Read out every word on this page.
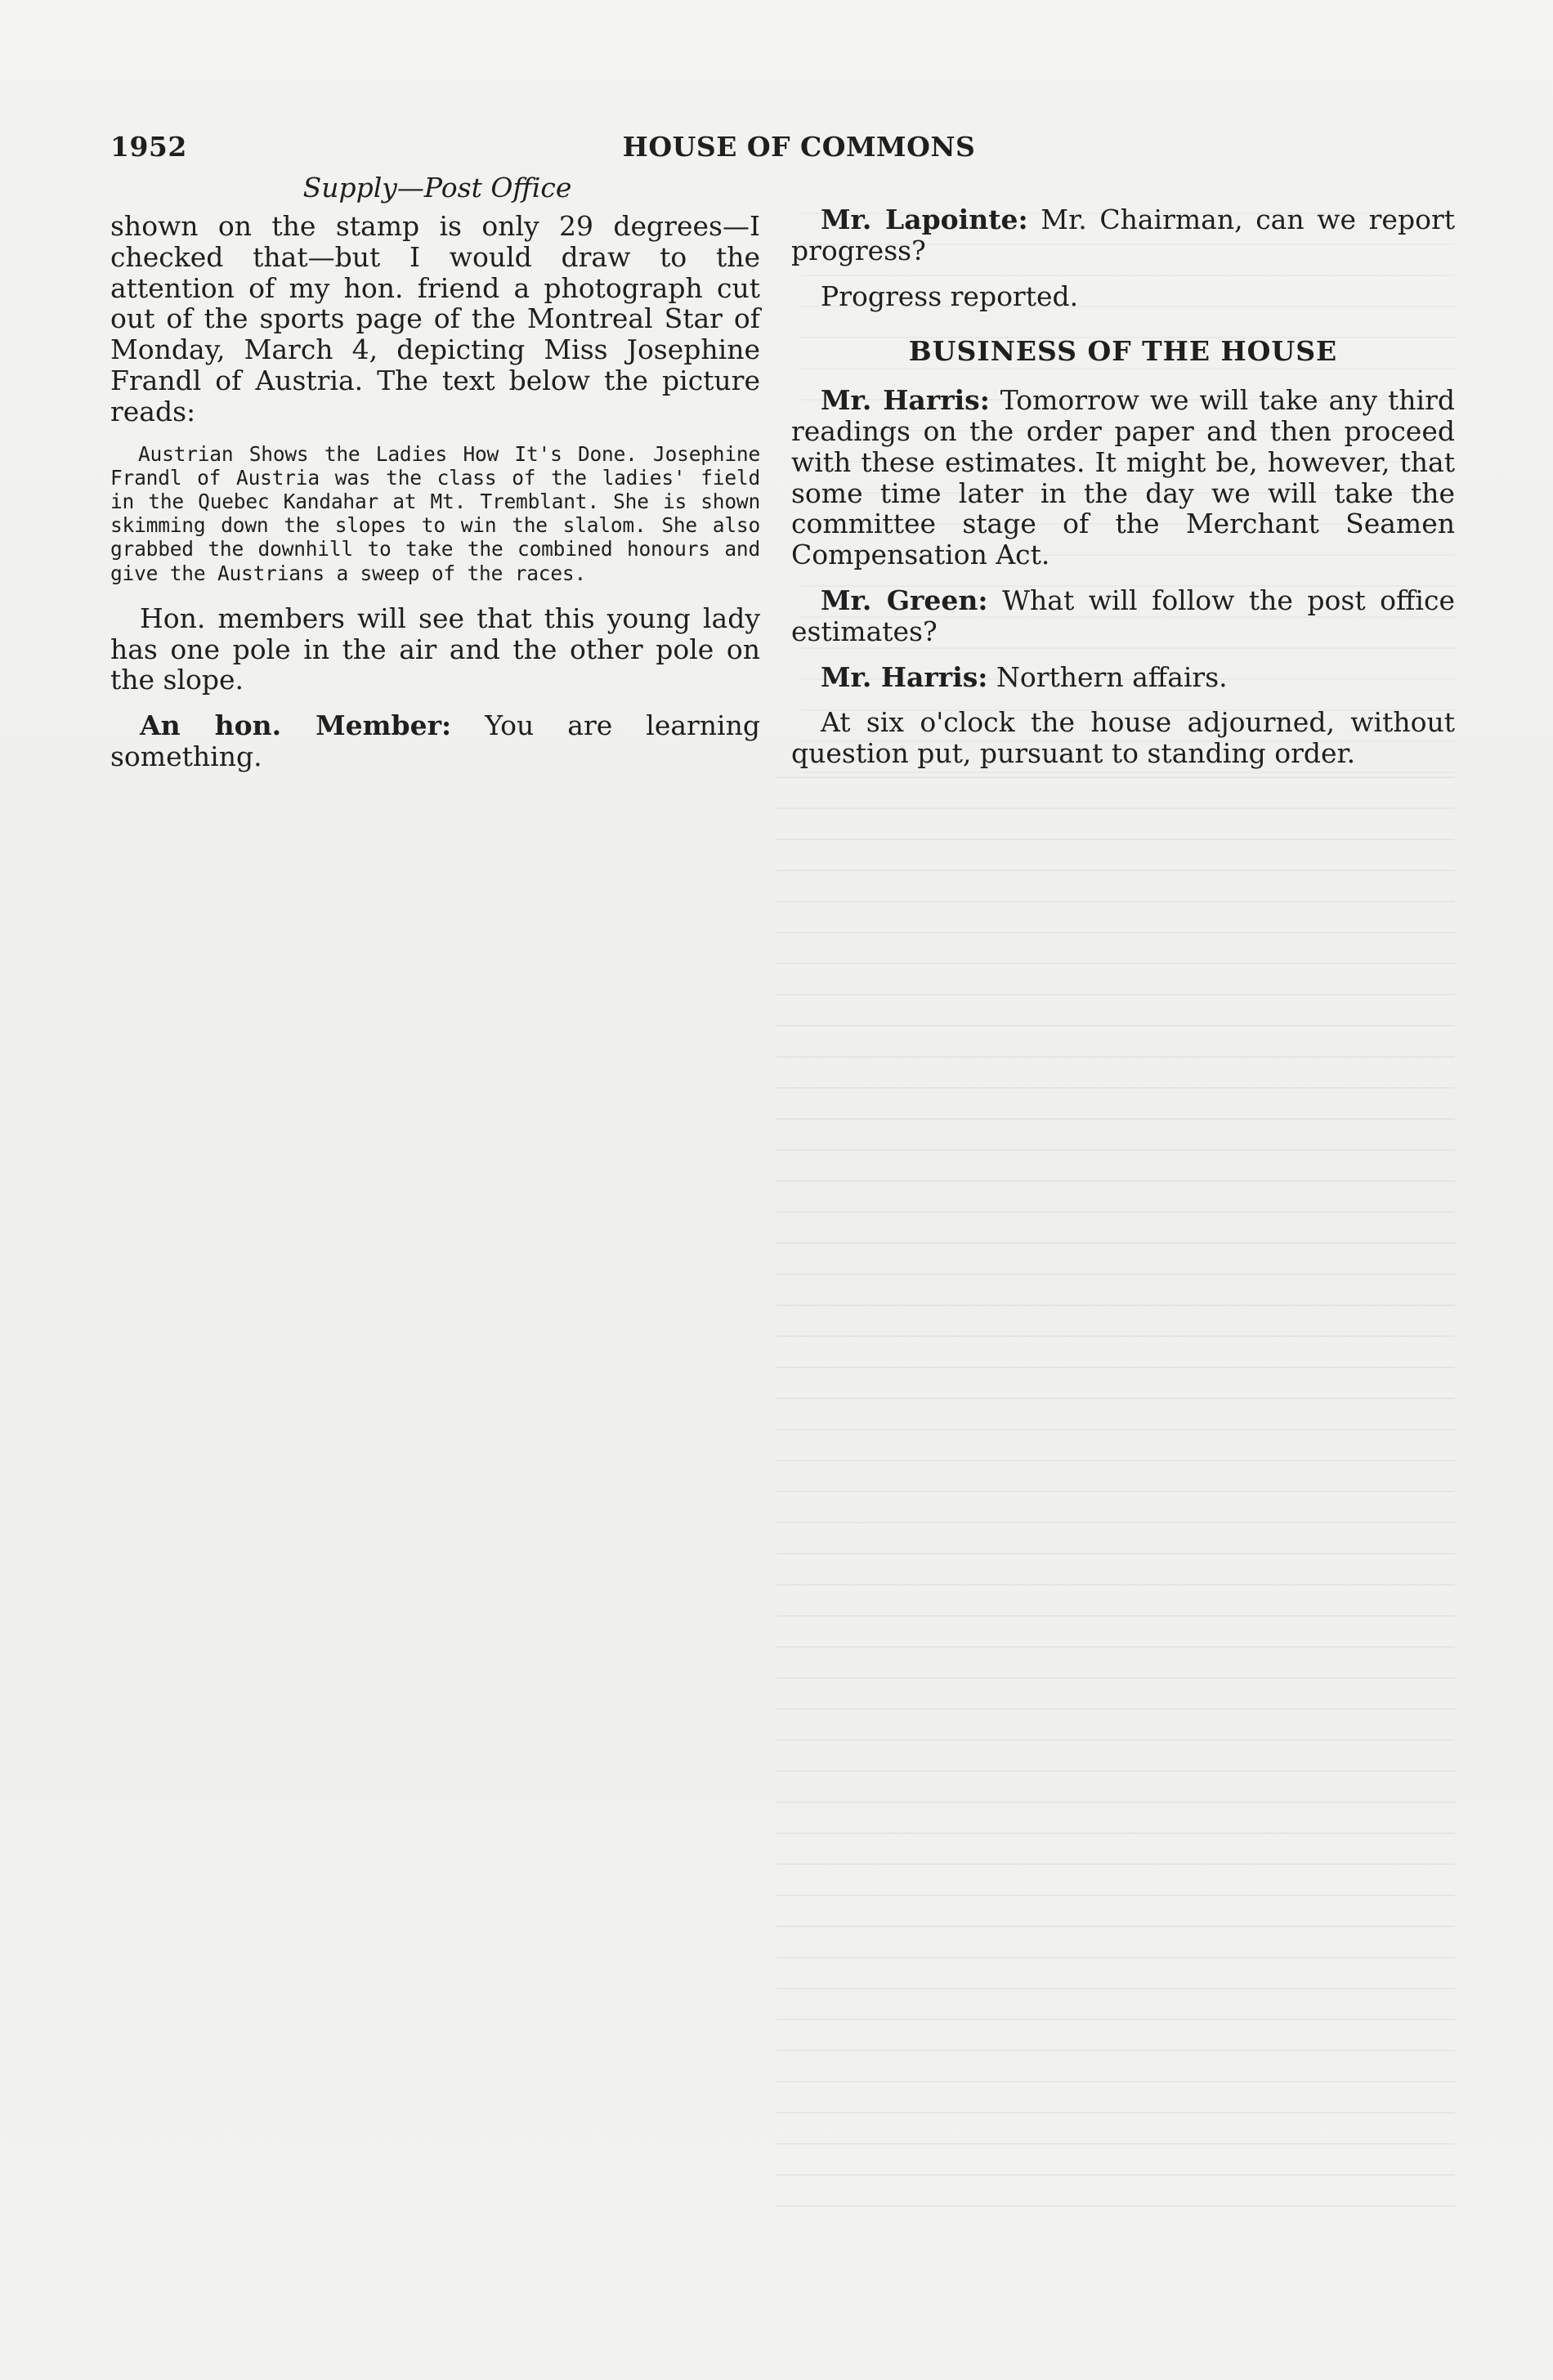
1952	HOUSE OF COMMONS
Supply—Post Office

shown on the stamp is only 29 degrees—I checked that—but I would draw to the attention of my hon. friend a photograph cut out of the sports page of the Montreal Star of Monday, March 4, depicting Miss Josephine Frandl of Austria. The text below the picture reads:

Austrian Shows the Ladies How It's Done. Josephine Frandl of Austria was the class of the ladies' field in the Quebec Kandahar at Mt. Tremblant. She is shown skimming down the slopes to win the slalom. She also grabbed the downhill to take the combined honours and give the Austrians a sweep of the races.

Hon. members will see that this young lady has one pole in the air and the other pole on the slope.

An hon. Member: You are learning something.

Mr. Lapointe: Mr. Chairman, can we report progress?

Progress reported.

BUSINESS OF THE HOUSE

Mr. Harris: Tomorrow we will take any third readings on the order paper and then proceed with these estimates. It might be, however, that some time later in the day we will take the committee stage of the Merchant Seamen Compensation Act.

Mr. Green: What will follow the post office estimates?

Mr. Harris: Northern affairs.

At six o'clock the house adjourned, without question put, pursuant to standing order.
